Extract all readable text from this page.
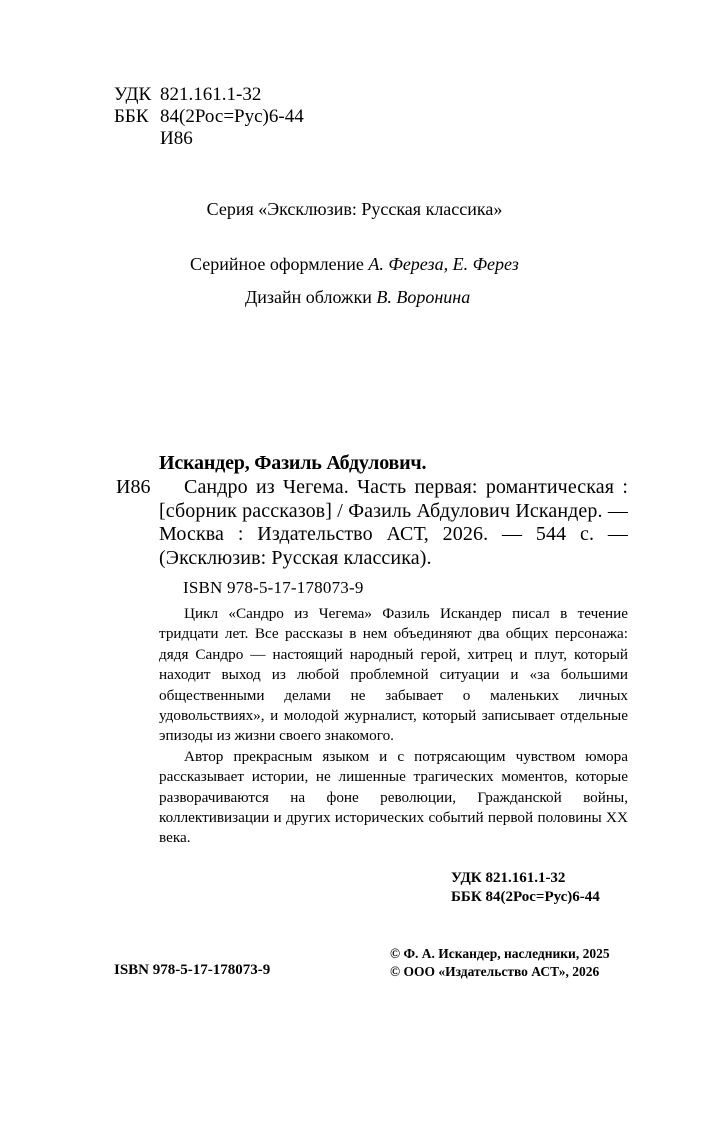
УДК 821.161.1-32
ББК 84(2Рос=Рус)6-44
И86
Серия «Эксклюзив: Русская классика»
Серийное оформление А. Фереза, Е. Ферез
Дизайн обложки В. Воронина
Искандер, Фазиль Абдулович.
И86	Сандро из Чегема. Часть первая: романтическая : [сборник рассказов] / Фазиль Абдулович Искандер. — Москва : Издательство АСТ, 2026. — 544 с. — (Эксклюзив: Русская классика).
ISBN 978-5-17-178073-9

Цикл «Сандро из Чегема» Фазиль Искандер писал в течение тридцати лет. Все рассказы в нем объединяют два общих персонажа: дядя Сандро — настоящий народный герой, хитрец и плут, который находит выход из любой проблемной ситуации и «за большими общественными делами не забывает о маленьких личных удовольствиях», и молодой журналист, который записывает отдельные эпизоды из жизни своего знакомого.

Автор прекрасным языком и с потрясающим чувством юмора рассказывает истории, не лишенные трагических моментов, которые разворачиваются на фоне революции, Гражданской войны, коллективизации и других исторических событий первой половины XX века.

УДК 821.161.1-32
ББК 84(2Рос=Рус)6-44
ISBN 978-5-17-178073-9
© Ф. А. Искандер, наследники, 2025
© ООО «Издательство АСТ», 2026
